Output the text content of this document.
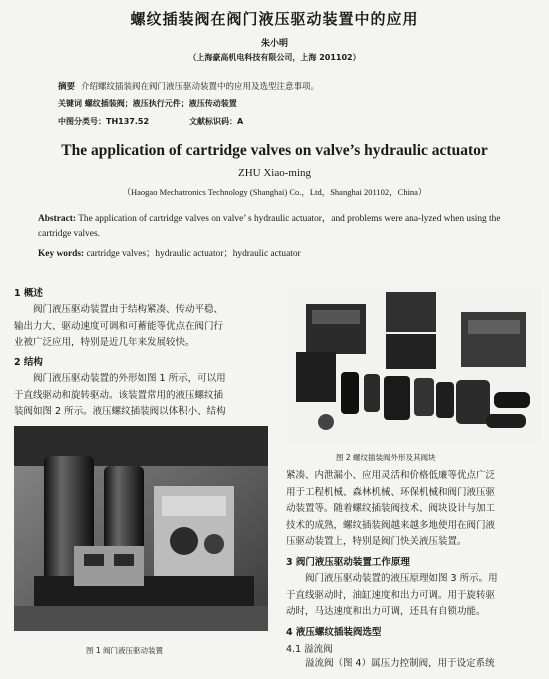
螺纹插装阀在阀门液压驱动装置中的应用
朱小明
（上海豪高机电科技有限公司，上海 201102）
摘要 介绍螺纹插装阀在阀门液压驱动装置中的应用及选型注意事项。
关键词 螺纹插装阀；液压执行元件；液压传动装置
中图分类号：TH137.52	文献标识码：A
The application of cartridge valves on valve’s hydraulic actuator
ZHU Xiao-ming
（Haogao Mechatronics Technology (Shanghai) Co.，Ltd，Shanghai 201102，China）
Abstract: The application of cartridge valves on valve’ s hydraulic actuator，and problems were ana-lyzed when using the cartridge valves.
Key words: cartridge valves；hydraulic actuator；hydraulic actuator
1 概述
阀门液压驱动装置由于结构紧凑、传动平稳、
输出力大、驱动速度可调和可蓄能等优点在阀门行
业被广泛应用，特别是近几年来发展较快。
2 结构
阀门液压驱动装置的外形如图 1 所示，可以用
于直线驱动和旋转驱动。该装置常用的液压螺纹插
装阀如图 2 所示。液压螺纹插装阀以体积小、结构
图 1 阀门液压驱动装置
图 2 螺纹插装阀外形及其阀块
紧凑、内泄漏小、应用灵活和价格低廉等优点广泛
用于工程机械、森林机械、环保机械和阀门液压驱
动装置等。随着螺纹插装阀技术、阀块设计与加工
技术的成熟，螺纹插装阀越来越多地使用在阀门液
压驱动装置上，特别是阀门快关液压装置。
3 阀门液压驱动装置工作原理
阀门液压驱动装置的液压原理如图 3 所示。用
于直线驱动时，油缸速度和出力可调。用于旋转驱
动时，马达速度和出力可调，还具有自锁功能。
4 液压螺纹插装阀选型
4.1 溢流阀
溢流阀（图 4）属压力控制阀，用于设定系统
